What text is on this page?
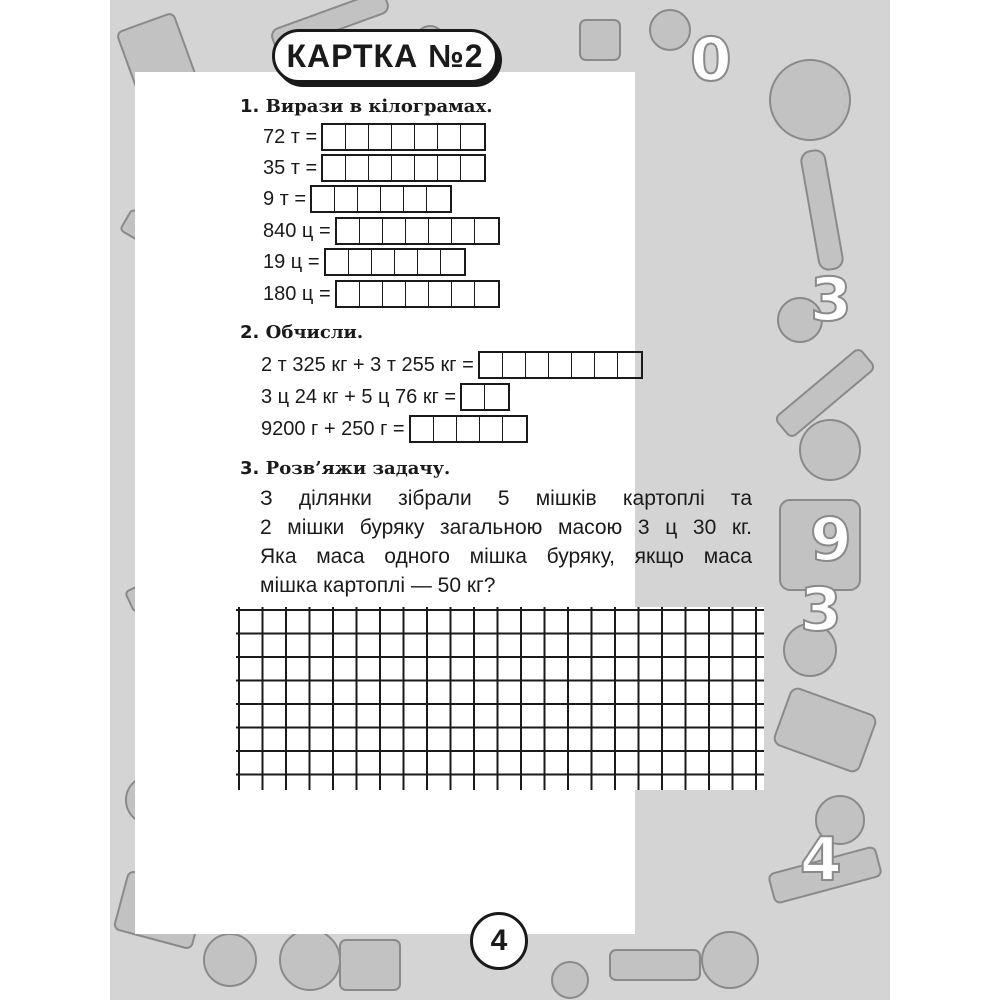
0
3
9
3
4
КАРТКА №2
1. Вирази в кілограмах.
72 т =
35 т =
9 т =
840 ц =
19 ц =
180 ц =
2. Обчисли.
2 т 325 кг + 3 т 255 кг =
3 ц 24 кг + 5 ц 76 кг =
9200 г + 250 г =
3. Розв’яжи задачу.
З ділянки зібрали 5 мішків картоплі та
2 мішки буряку загальною масою 3 ц 30 кг.
Яка маса одного мішка буряку, якщо маса
мішка картоплі — 50 кг?
4
